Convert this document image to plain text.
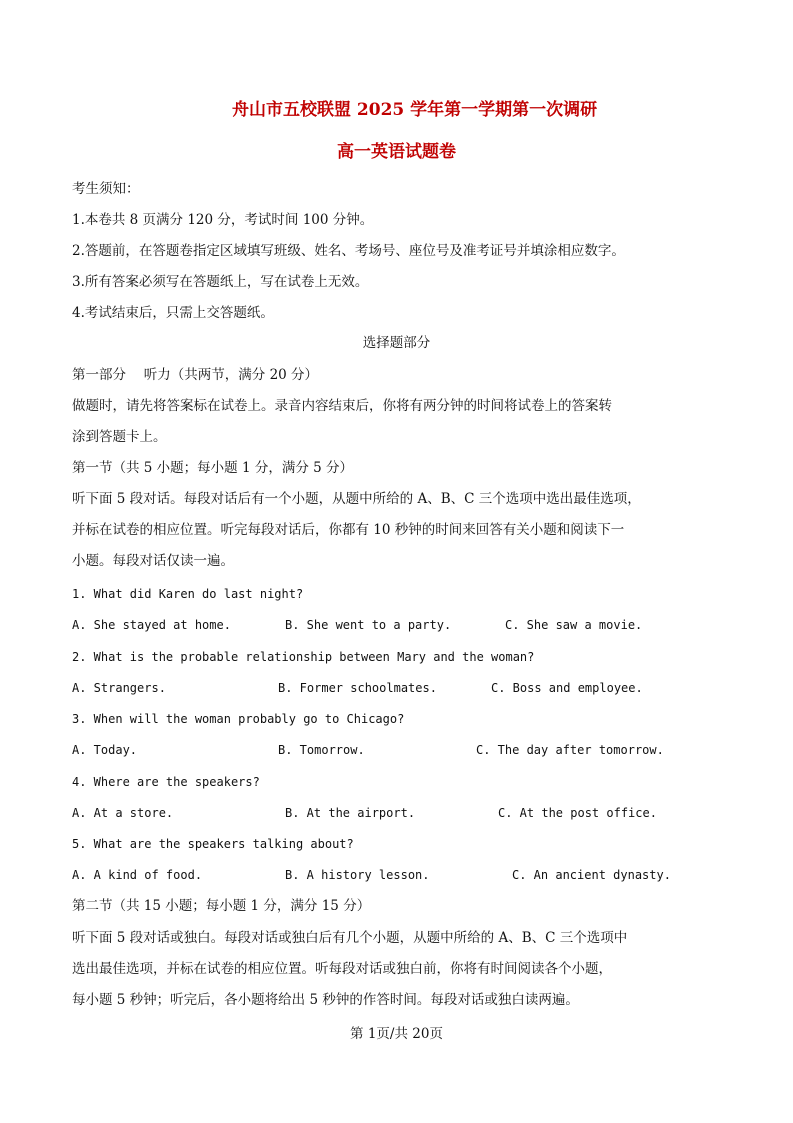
舟山市五校联盟 2025 学年第一学期第一次调研
高一英语试题卷
考生须知：
1.本卷共 8 页满分 120 分，考试时间 100 分钟。
2.答题前，在答题卷指定区域填写班级、姓名、考场号、座位号及准考证号并填涂相应数字。
3.所有答案必须写在答题纸上，写在试卷上无效。
4.考试结束后，只需上交答题纸。
选择题部分
第一部分　 听力（共两节，满分 20 分）
做题时，请先将答案标在试卷上。录音内容结束后，你将有两分钟的时间将试卷上的答案转
涂到答题卡上。
第一节（共 5 小题；每小题 1 分，满分 5 分）
听下面 5 段对话。每段对话后有一个小题，从题中所给的 A、B、C 三个选项中选出最佳选项，
并标在试卷的相应位置。听完每段对话后，你都有 10 秒钟的时间来回答有关小题和阅读下一
小题。每段对话仅读一遍。
1. What did Karen do last night?
A. She stayed at home.	B. She went to a party.	C. She saw a movie.
2. What is the probable relationship between Mary and the woman?
A. Strangers.	B. Former schoolmates.	C. Boss and employee.
3. When will the woman probably go to Chicago?
A. Today.	B. Tomorrow.	C. The day after tomorrow.
4. Where are the speakers?
A. At a store.	B. At the airport.	C. At the post office.
5. What are the speakers talking about?
A. A kind of food.	B. A history lesson.	C. An ancient dynasty.
第二节（共 15 小题；每小题 1 分，满分 15 分）
听下面 5 段对话或独白。每段对话或独白后有几个小题，从题中所给的 A、B、C 三个选项中
选出最佳选项，并标在试卷的相应位置。听每段对话或独白前，你将有时间阅读各个小题，
每小题 5 秒钟；听完后，各小题将给出 5 秒钟的作答时间。每段对话或独白读两遍。
第 1页/共 20页
